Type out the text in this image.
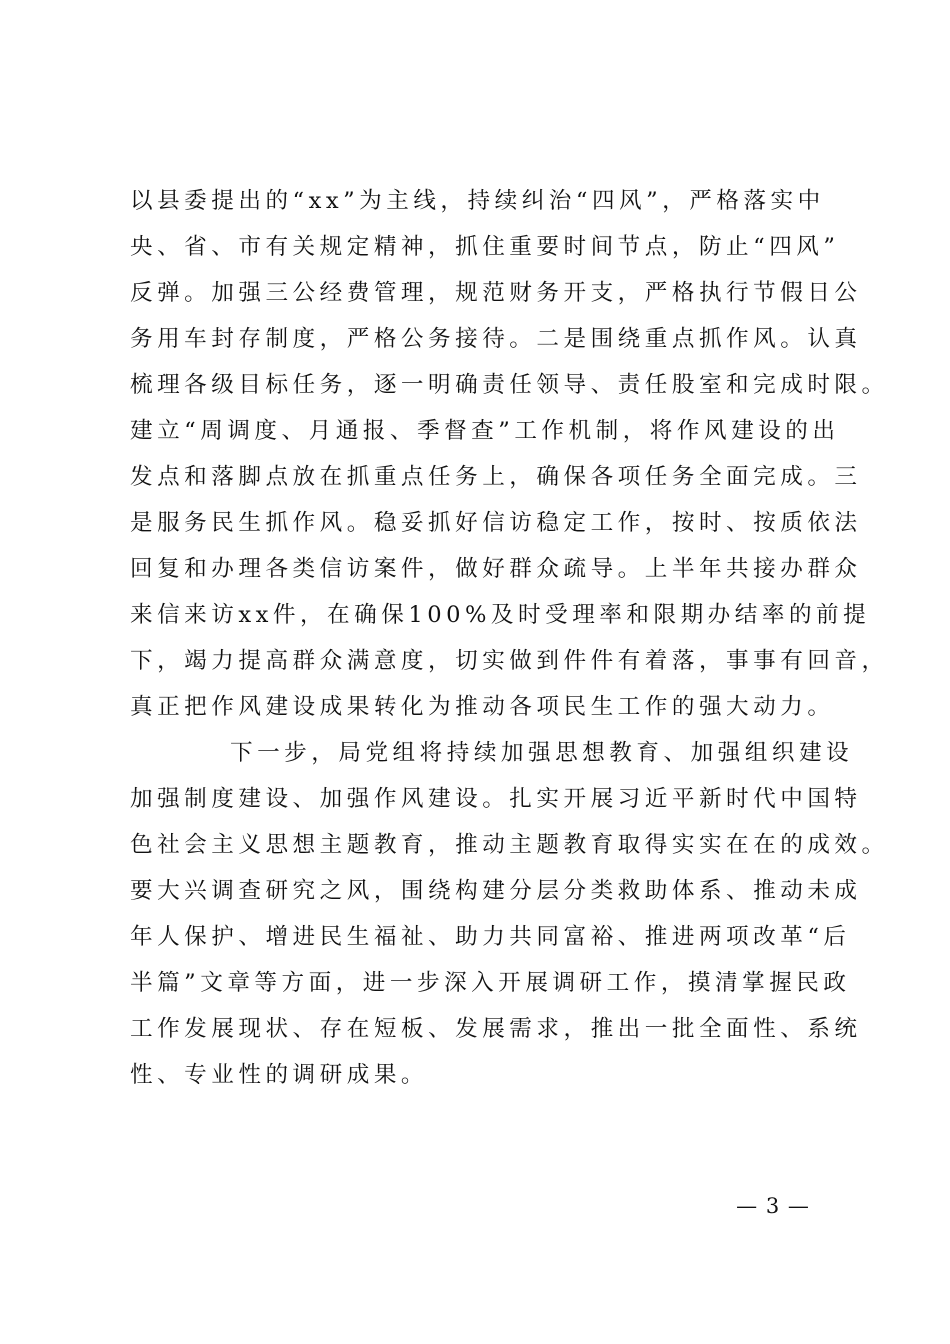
以县委提出的“xx”为主线，持续纠治“四风”，严格落实中
央、省、市有关规定精神，抓住重要时间节点，防止“四风”
反弹。加强三公经费管理，规范财务开支，严格执行节假日公
务用车封存制度，严格公务接待。二是围绕重点抓作风。认真
梳理各级目标任务，逐一明确责任领导、责任股室和完成时限。
建立“周调度、月通报、季督查”工作机制，将作风建设的出
发点和落脚点放在抓重点任务上，确保各项任务全面完成。三
是服务民生抓作风。稳妥抓好信访稳定工作，按时、按质依法
回复和办理各类信访案件，做好群众疏导。上半年共接办群众
来信来访xx件，在确保100%及时受理率和限期办结率的前提
下，竭力提高群众满意度，切实做到件件有着落，事事有回音，
真正把作风建设成果转化为推动各项民生工作的强大动力。
下一步，局党组将持续加强思想教育、加强组织建设
加强制度建设、加强作风建设。扎实开展习近平新时代中国特
色社会主义思想主题教育，推动主题教育取得实实在在的成效。
要大兴调查研究之风，围绕构建分层分类救助体系、推动未成
年人保护、增进民生福祉、助力共同富裕、推进两项改革“后
半篇”文章等方面，进一步深入开展调研工作，摸清掌握民政
工作发展现状、存在短板、发展需求，推出一批全面性、系统
性、专业性的调研成果。
— 3 —
